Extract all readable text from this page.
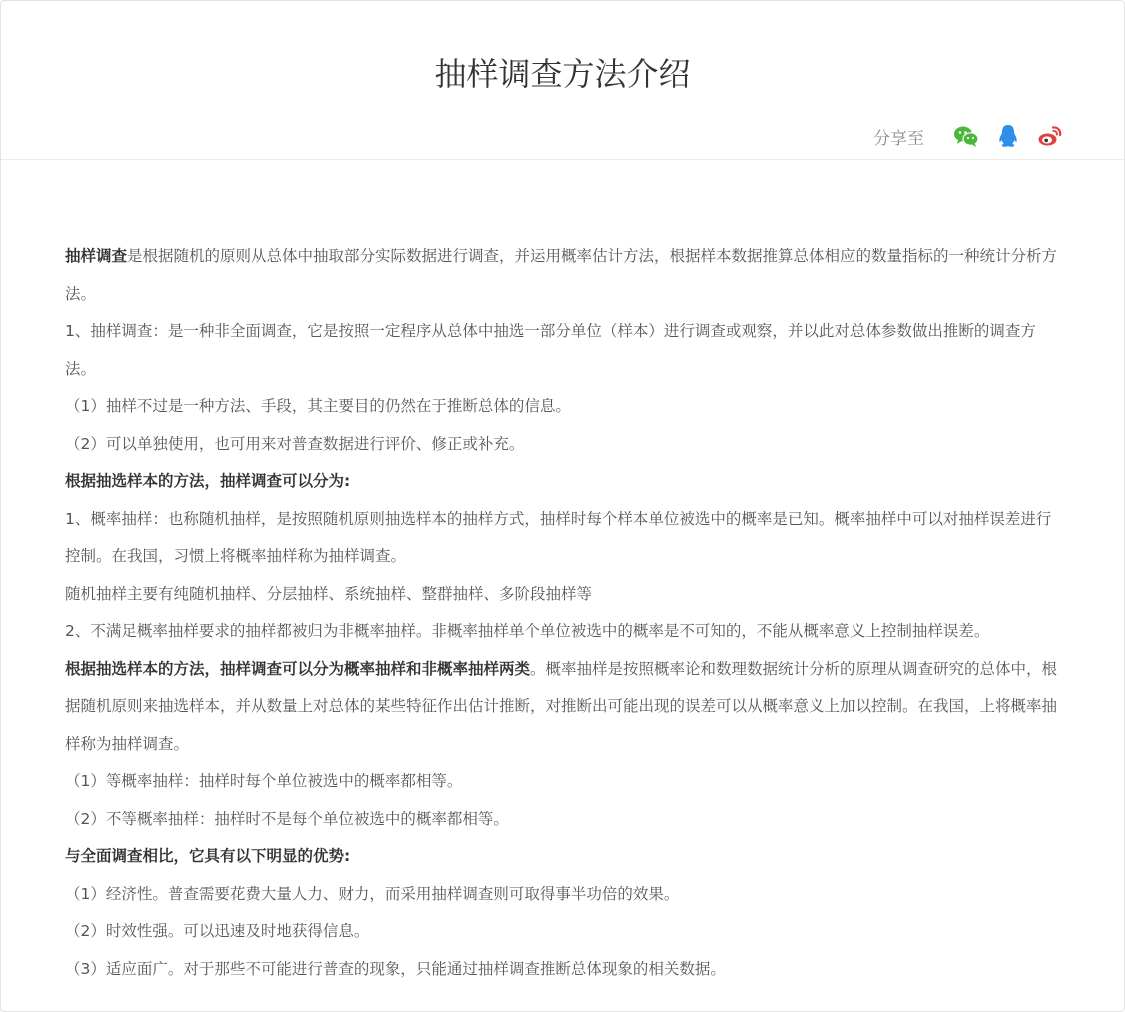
抽样调查方法介绍
分享至

抽样调查是根据随机的原则从总体中抽取部分实际数据进行调查，并运用概率估计方法，根据样本数据推算总体相应的数量指标的一种统计分析方法。

1、抽样调查：是一种非全面调查，它是按照一定程序从总体中抽选一部分单位（样本）进行调查或观察，并以此对总体参数做出推断的调查方法。

（1）抽样不过是一种方法、手段，其主要目的仍然在于推断总体的信息。

（2）可以单独使用，也可用来对普查数据进行评价、修正或补充。

根据抽选样本的方法，抽样调查可以分为:

1、概率抽样：也称随机抽样，是按照随机原则抽选样本的抽样方式，抽样时每个样本单位被选中的概率是已知。概率抽样中可以对抽样误差进行控制。在我国，习惯上将概率抽样称为抽样调查。

随机抽样主要有纯随机抽样、分层抽样、系统抽样、整群抽样、多阶段抽样等

2、不满足概率抽样要求的抽样都被归为非概率抽样。非概率抽样单个单位被选中的概率是不可知的，不能从概率意义上控制抽样误差。

根据抽选样本的方法，抽样调查可以分为概率抽样和非概率抽样两类。概率抽样是按照概率论和数理数据统计分析的原理从调查研究的总体中，根据随机原则来抽选样本，并从数量上对总体的某些特征作出估计推断，对推断出可能出现的误差可以从概率意义上加以控制。在我国，上将概率抽样称为抽样调查。

（1）等概率抽样：抽样时每个单位被选中的概率都相等。

（2）不等概率抽样：抽样时不是每个单位被选中的概率都相等。

与全面调查相比，它具有以下明显的优势:

（1）经济性。普查需要花费大量人力、财力，而采用抽样调查则可取得事半功倍的效果。

（2）时效性强。可以迅速及时地获得信息。

（3）适应面广。对于那些不可能进行普查的现象，只能通过抽样调查推断总体现象的相关数据。
